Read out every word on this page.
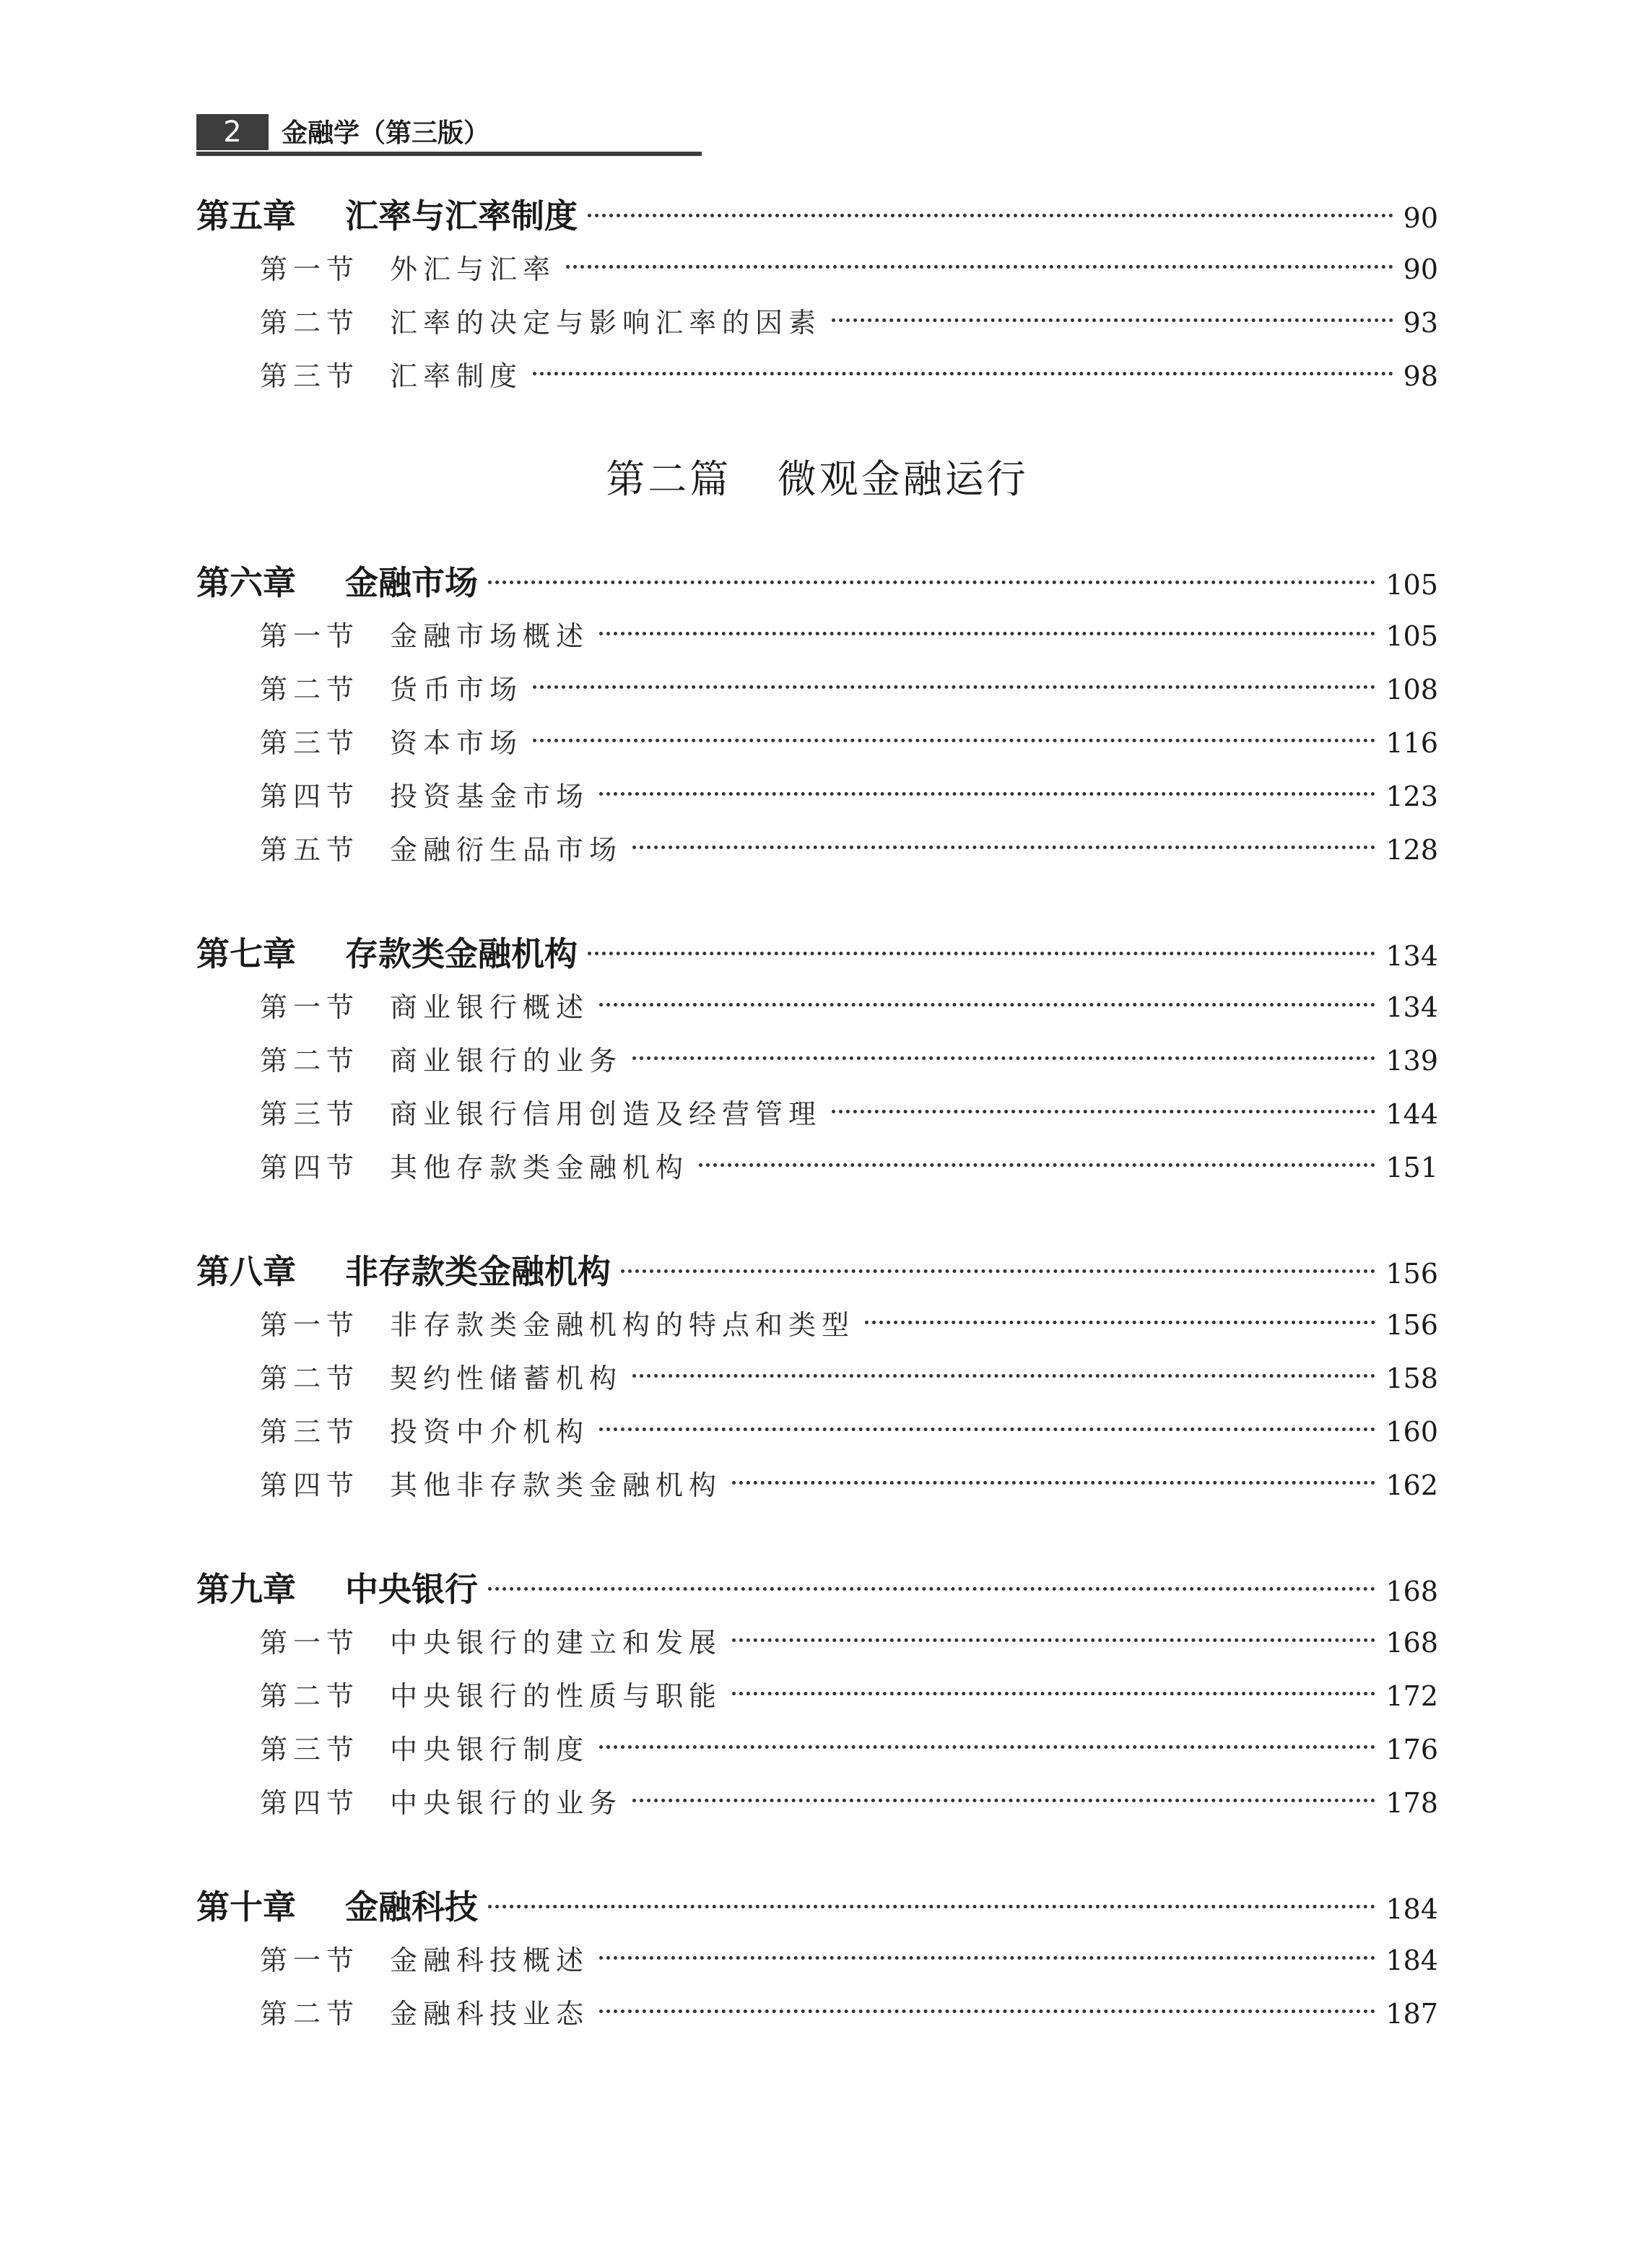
2	金融学（第三版）
第五章 汇率与汇率制度	90
第一节 外汇与汇率	90
第二节 汇率的决定与影响汇率的因素	93
第三节 汇率制度	98
第二篇 微观金融运行
第六章 金融市场	105
第一节 金融市场概述	105
第二节 货币市场	108
第三节 资本市场	116
第四节 投资基金市场	123
第五节 金融衍生品市场	128
第七章 存款类金融机构	134
第一节 商业银行概述	134
第二节 商业银行的业务	139
第三节 商业银行信用创造及经营管理	144
第四节 其他存款类金融机构	151
第八章 非存款类金融机构	156
第一节 非存款类金融机构的特点和类型	156
第二节 契约性储蓄机构	158
第三节 投资中介机构	160
第四节 其他非存款类金融机构	162
第九章 中央银行	168
第一节 中央银行的建立和发展	168
第二节 中央银行的性质与职能	172
第三节 中央银行制度	176
第四节 中央银行的业务	178
第十章 金融科技	184
第一节 金融科技概述	184
第二节 金融科技业态	187
